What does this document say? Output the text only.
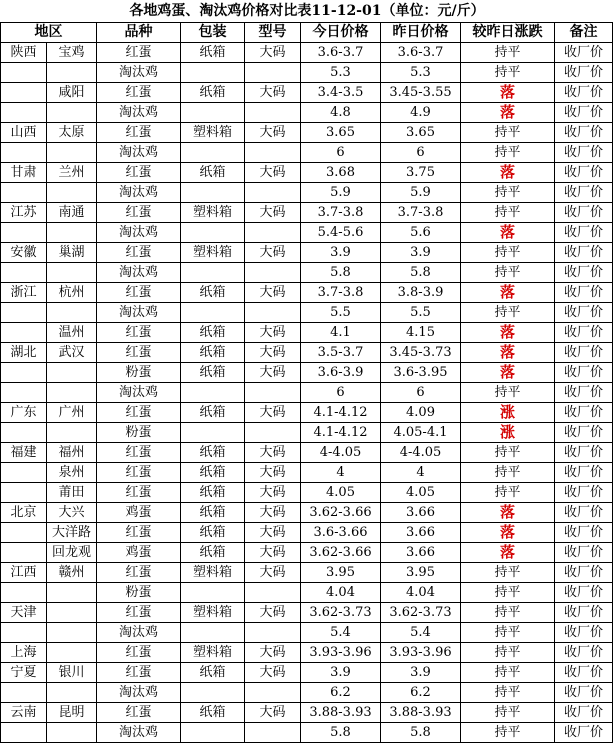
各地鸡蛋、淘汰鸡价格对比表11-12-01（单位：元/斤）
地区		品种	包装	型号	今日价格	昨日价格	较昨日涨跌	备注
陕西	宝鸡	红蛋	纸箱	大码	3.6-3.7	3.6-3.7	持平	收厂价
		淘汰鸡			5.3	5.3	持平	收厂价
	咸阳	红蛋	纸箱	大码	3.4-3.5	3.45-3.55	落	收厂价
		淘汰鸡			4.8	4.9	落	收厂价
山西	太原	红蛋	塑料箱	大码	3.65	3.65	持平	收厂价
		淘汰鸡			6	6	持平	收厂价
甘肃	兰州	红蛋	纸箱	大码	3.68	3.75	落	收厂价
		淘汰鸡			5.9	5.9	持平	收厂价
江苏	南通	红蛋	塑料箱	大码	3.7-3.8	3.7-3.8	持平	收厂价
		淘汰鸡			5.4-5.6	5.6	落	收厂价
安徽	巢湖	红蛋	塑料箱	大码	3.9	3.9	持平	收厂价
		淘汰鸡			5.8	5.8	持平	收厂价
浙江	杭州	红蛋	纸箱	大码	3.7-3.8	3.8-3.9	落	收厂价
		淘汰鸡			5.5	5.5	持平	收厂价
	温州	红蛋	纸箱	大码	4.1	4.15	落	收厂价
湖北	武汉	红蛋	纸箱	大码	3.5-3.7	3.45-3.73	落	收厂价
		粉蛋	纸箱	大码	3.6-3.9	3.6-3.95	落	收厂价
		淘汰鸡			6	6	持平	收厂价
广东	广州	红蛋	纸箱	大码	4.1-4.12	4.09	涨	收厂价
		粉蛋			4.1-4.12	4.05-4.1	涨	收厂价
福建	福州	红蛋	纸箱	大码	4-4.05	4-4.05	持平	收厂价
	泉州	红蛋	纸箱	大码	4	4	持平	收厂价
	莆田	红蛋	纸箱	大码	4.05	4.05	持平	收厂价
北京	大兴	鸡蛋	纸箱	大码	3.62-3.66	3.66	落	收厂价
	大洋路	红蛋	纸箱	大码	3.6-3.66	3.66	落	收厂价
	回龙观	鸡蛋	纸箱	大码	3.62-3.66	3.66	落	收厂价
江西	赣州	红蛋	塑料箱	大码	3.95	3.95	持平	收厂价
		粉蛋			4.04	4.04	持平	收厂价
天津		红蛋	塑料箱	大码	3.62-3.73	3.62-3.73	持平	收厂价
		淘汰鸡			5.4	5.4	持平	收厂价
上海		红蛋	塑料箱	大码	3.93-3.96	3.93-3.96	持平	收厂价
宁夏	银川	红蛋	纸箱	大码	3.9	3.9	持平	收厂价
		淘汰鸡			6.2	6.2	持平	收厂价
云南	昆明	红蛋	纸箱	大码	3.88-3.93	3.88-3.93	持平	收厂价
		淘汰鸡			5.8	5.8	持平	收厂价
